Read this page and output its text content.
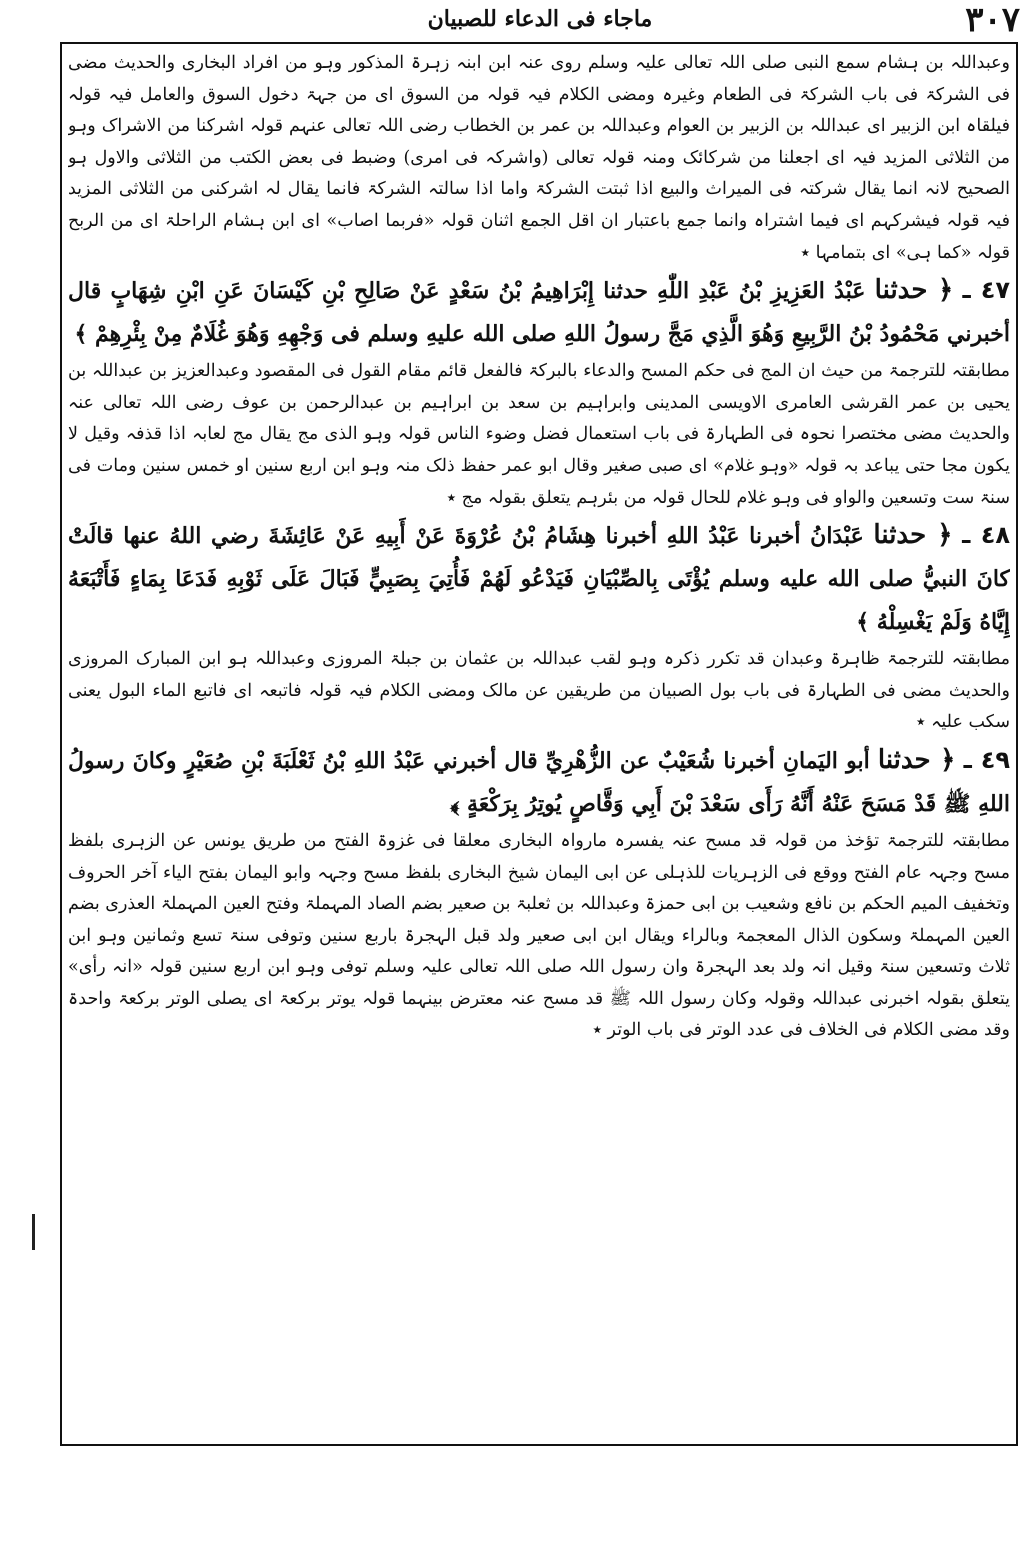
٣٠٧
ماجاء فی الدعاء للصبیان

وعبداللہ بن ہشام سمع النبی صلی اللہ تعالی علیہ وسلم روی عنہ ابن ابنہ زہرۃ المذکور وہو من افراد البخاری والحدیث مضی فی الشرکۃ فی باب الشرکۃ فی الطعام وغیرہ ومضی الکلام فیہ قولہ من السوق ای من جہۃ دخول السوق والعامل فیہ قولہ فیلقاہ ابن الزبیر ای عبداللہ بن الزبیر بن العوام وعبداللہ بن عمر بن الخطاب رضی اللہ تعالی عنہم قولہ اشرکنا من الاشراک وہو من الثلاثی المزید فیہ ای اجعلنا من شرکائک ومنہ قولہ تعالی (واشرکہ فی امری) وضبط فی بعض الکتب من الثلاثی والاول ہو الصحیح لانہ انما یقال شرکتہ فی المیراث والبیع اذا ثبتت الشرکۃ واما اذا سالتہ الشرکۃ فانما یقال لہ اشرکنی من الثلاثی المزید فیہ قولہ فیشرکہم ای فیما اشتراہ وانما جمع باعتبار ان اقل الجمع اثنان قولہ «فربما اصاب» ای ابن ہشام الراحلۃ ای من الربح قولہ «کما ہی» ای بتمامہا ٭

٤٧ ـ ﴿ حدثنا عَبْدُ العَزِيزِ بْنُ عَبْدِ اللّٰهِ حدثنا إِبْرَاهِيمُ بْنُ سَعْدٍ عَنْ صَالِحِ بْنِ كَيْسَانَ عَنِ ابْنِ شِهَابٍ قال أخبرني مَحْمُودُ بْنُ الرَّبِيعِ وَهُوَ الَّذِي مَجَّ رسولُ اللهِ صلى الله عليهِ وسلم فی وَجْهِهِ وَهُوَ غُلَامٌ مِنْ بِئْرِهِمْ ﴾

مطابقتہ للترجمۃ من حیث ان المج فی حکم المسح والدعاء بالبرکۃ فالفعل قائم مقام القول فی المقصود وعبدالعزیز بن عبداللہ بن یحیی بن عمر القرشی العامری الاویسی المدینی وابراہیم بن سعد بن ابراہیم بن عبدالرحمن بن عوف رضی اللہ تعالی عنہ والحدیث مضی مختصرا نحوہ فی الطہارۃ فی باب استعمال فضل وضوء الناس قولہ وہو الذی مج یقال مج لعابہ اذا قذفہ وقیل لا یکون مجا حتی یباعد بہ قولہ «وہو غلام» ای صبی صغیر وقال ابو عمر حفظ ذلک منہ وہو ابن اربع سنین او خمس سنین ومات فی سنۃ ست وتسعین والواو فی وہو غلام للحال قولہ من بئرہم یتعلق بقولہ مج ٭

٤٨ ـ ﴿ حدثنا عَبْدَانُ أخبرنا عَبْدُ اللهِ أخبرنا هِشَامُ بْنُ عُرْوَةَ عَنْ أَبِيهِ عَنْ عَائِشَةَ رضي اللهُ عنها قالَتْ كانَ النبيُّ صلى الله عليه وسلم يُؤْتَى بِالصِّبْيَانِ فَيَدْعُو لَهُمْ فَأُتِيَ بِصَبِيٍّ فَبَالَ عَلَى ثَوْبِهِ فَدَعَا بِمَاءٍ فَأَتْبَعَهُ إِيَّاهُ وَلَمْ يَغْسِلْهُ ﴾

مطابقتہ للترجمۃ ظاہرۃ وعبدان قد تکرر ذکرہ وہو لقب عبداللہ بن عثمان بن جبلۃ المروزی وعبداللہ ہو ابن المبارک المروزی والحدیث مضی فی الطہارۃ فی باب بول الصبیان من طریقین عن مالک ومضی الکلام فیہ قولہ فاتبعہ ای فاتبع الماء البول یعنی سکب علیہ ٭

٤٩ ـ ﴿ حدثنا أبو اليَمانِ أخبرنا شُعَيْبٌ عن الزُّهْرِيِّ قال أخبرني عَبْدُ اللهِ بْنُ ثَعْلَبَةَ بْنِ صُعَيْرٍ وكانَ رسولُ اللهِ ﷺ قَدْ مَسَحَ عَنْهُ أَنَّهُ رَأَى سَعْدَ بْنَ أَبِي وَقَّاصٍ يُوتِرُ بِرَكْعَةٍ ﴾

مطابقتہ للترجمۃ تؤخذ من قولہ قد مسح عنہ یفسرہ مارواہ البخاری معلقا فی غزوۃ الفتح من طریق یونس عن الزہری بلفظ مسح وجہہ عام الفتح ووقع فی الزہریات للذہلی عن ابی الیمان شیخ البخاری بلفظ مسح وجہہ وابو الیمان بفتح الیاء آخر الحروف وتخفیف المیم الحکم بن نافع وشعیب بن ابی حمزۃ وعبداللہ بن ثعلبۃ بن صعیر بضم الصاد المہملۃ وفتح العین المہملۃ العذری بضم العین المہملۃ وسکون الذال المعجمۃ وبالراء ویقال ابن ابی صعیر ولد قبل الہجرۃ باربع سنین وتوفی سنۃ تسع وثمانین وہو ابن ثلاث وتسعین سنۃ وقیل انہ ولد بعد الہجرۃ وان رسول اللہ صلی اللہ تعالی علیہ وسلم توفی وہو ابن اربع سنین قولہ «انہ رأی» یتعلق بقولہ اخبرنی عبداللہ وقولہ وکان رسول اللہ ﷺ قد مسح عنہ معترض بینہما قولہ یوتر برکعۃ ای یصلی الوتر برکعۃ واحدۃ وقد مضی الکلام فی الخلاف فی عدد الوتر فی باب الوتر ٭
